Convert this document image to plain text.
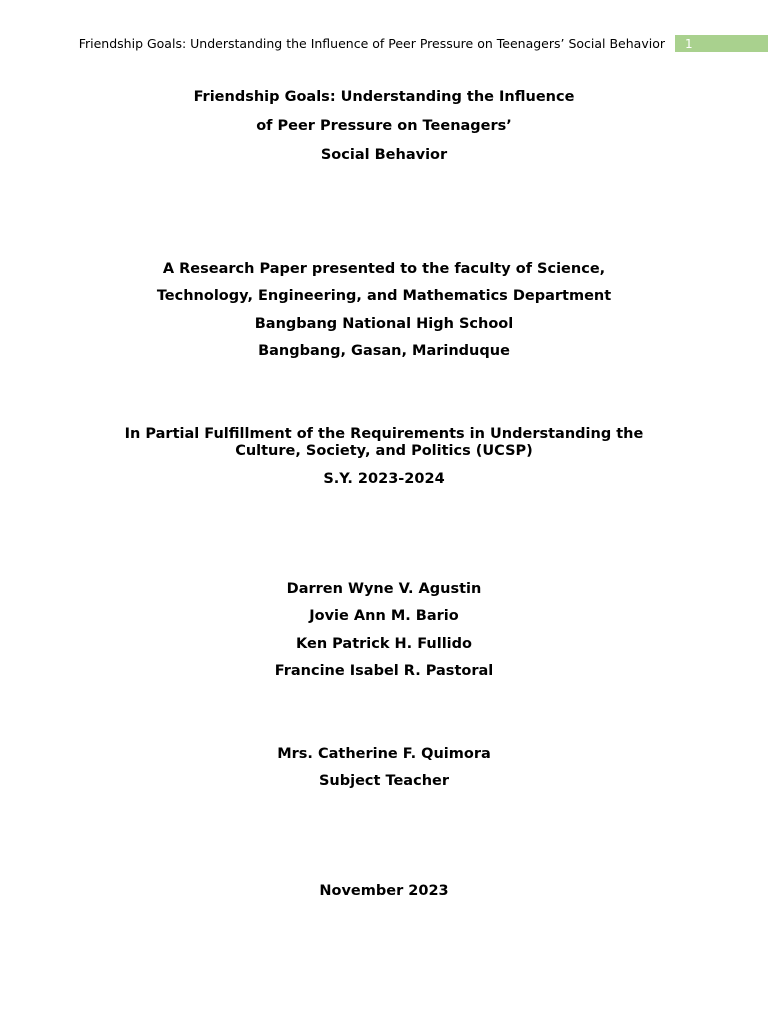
Friendship Goals: Understanding the Influence of Peer Pressure on Teenagers’ Social Behavior 1
Friendship Goals: Understanding the Influence
of Peer Pressure on Teenagers’
Social Behavior
A Research Paper presented to the faculty of Science,
Technology, Engineering, and Mathematics Department
Bangbang National High School
Bangbang, Gasan, Marinduque
In Partial Fulfillment of the Requirements in Understanding the
Culture, Society, and Politics (UCSP)
S.Y. 2023-2024
Darren Wyne V. Agustin
Jovie Ann M. Bario
Ken Patrick H. Fullido
Francine Isabel R. Pastoral
Mrs. Catherine F. Quimora
Subject Teacher
November 2023
